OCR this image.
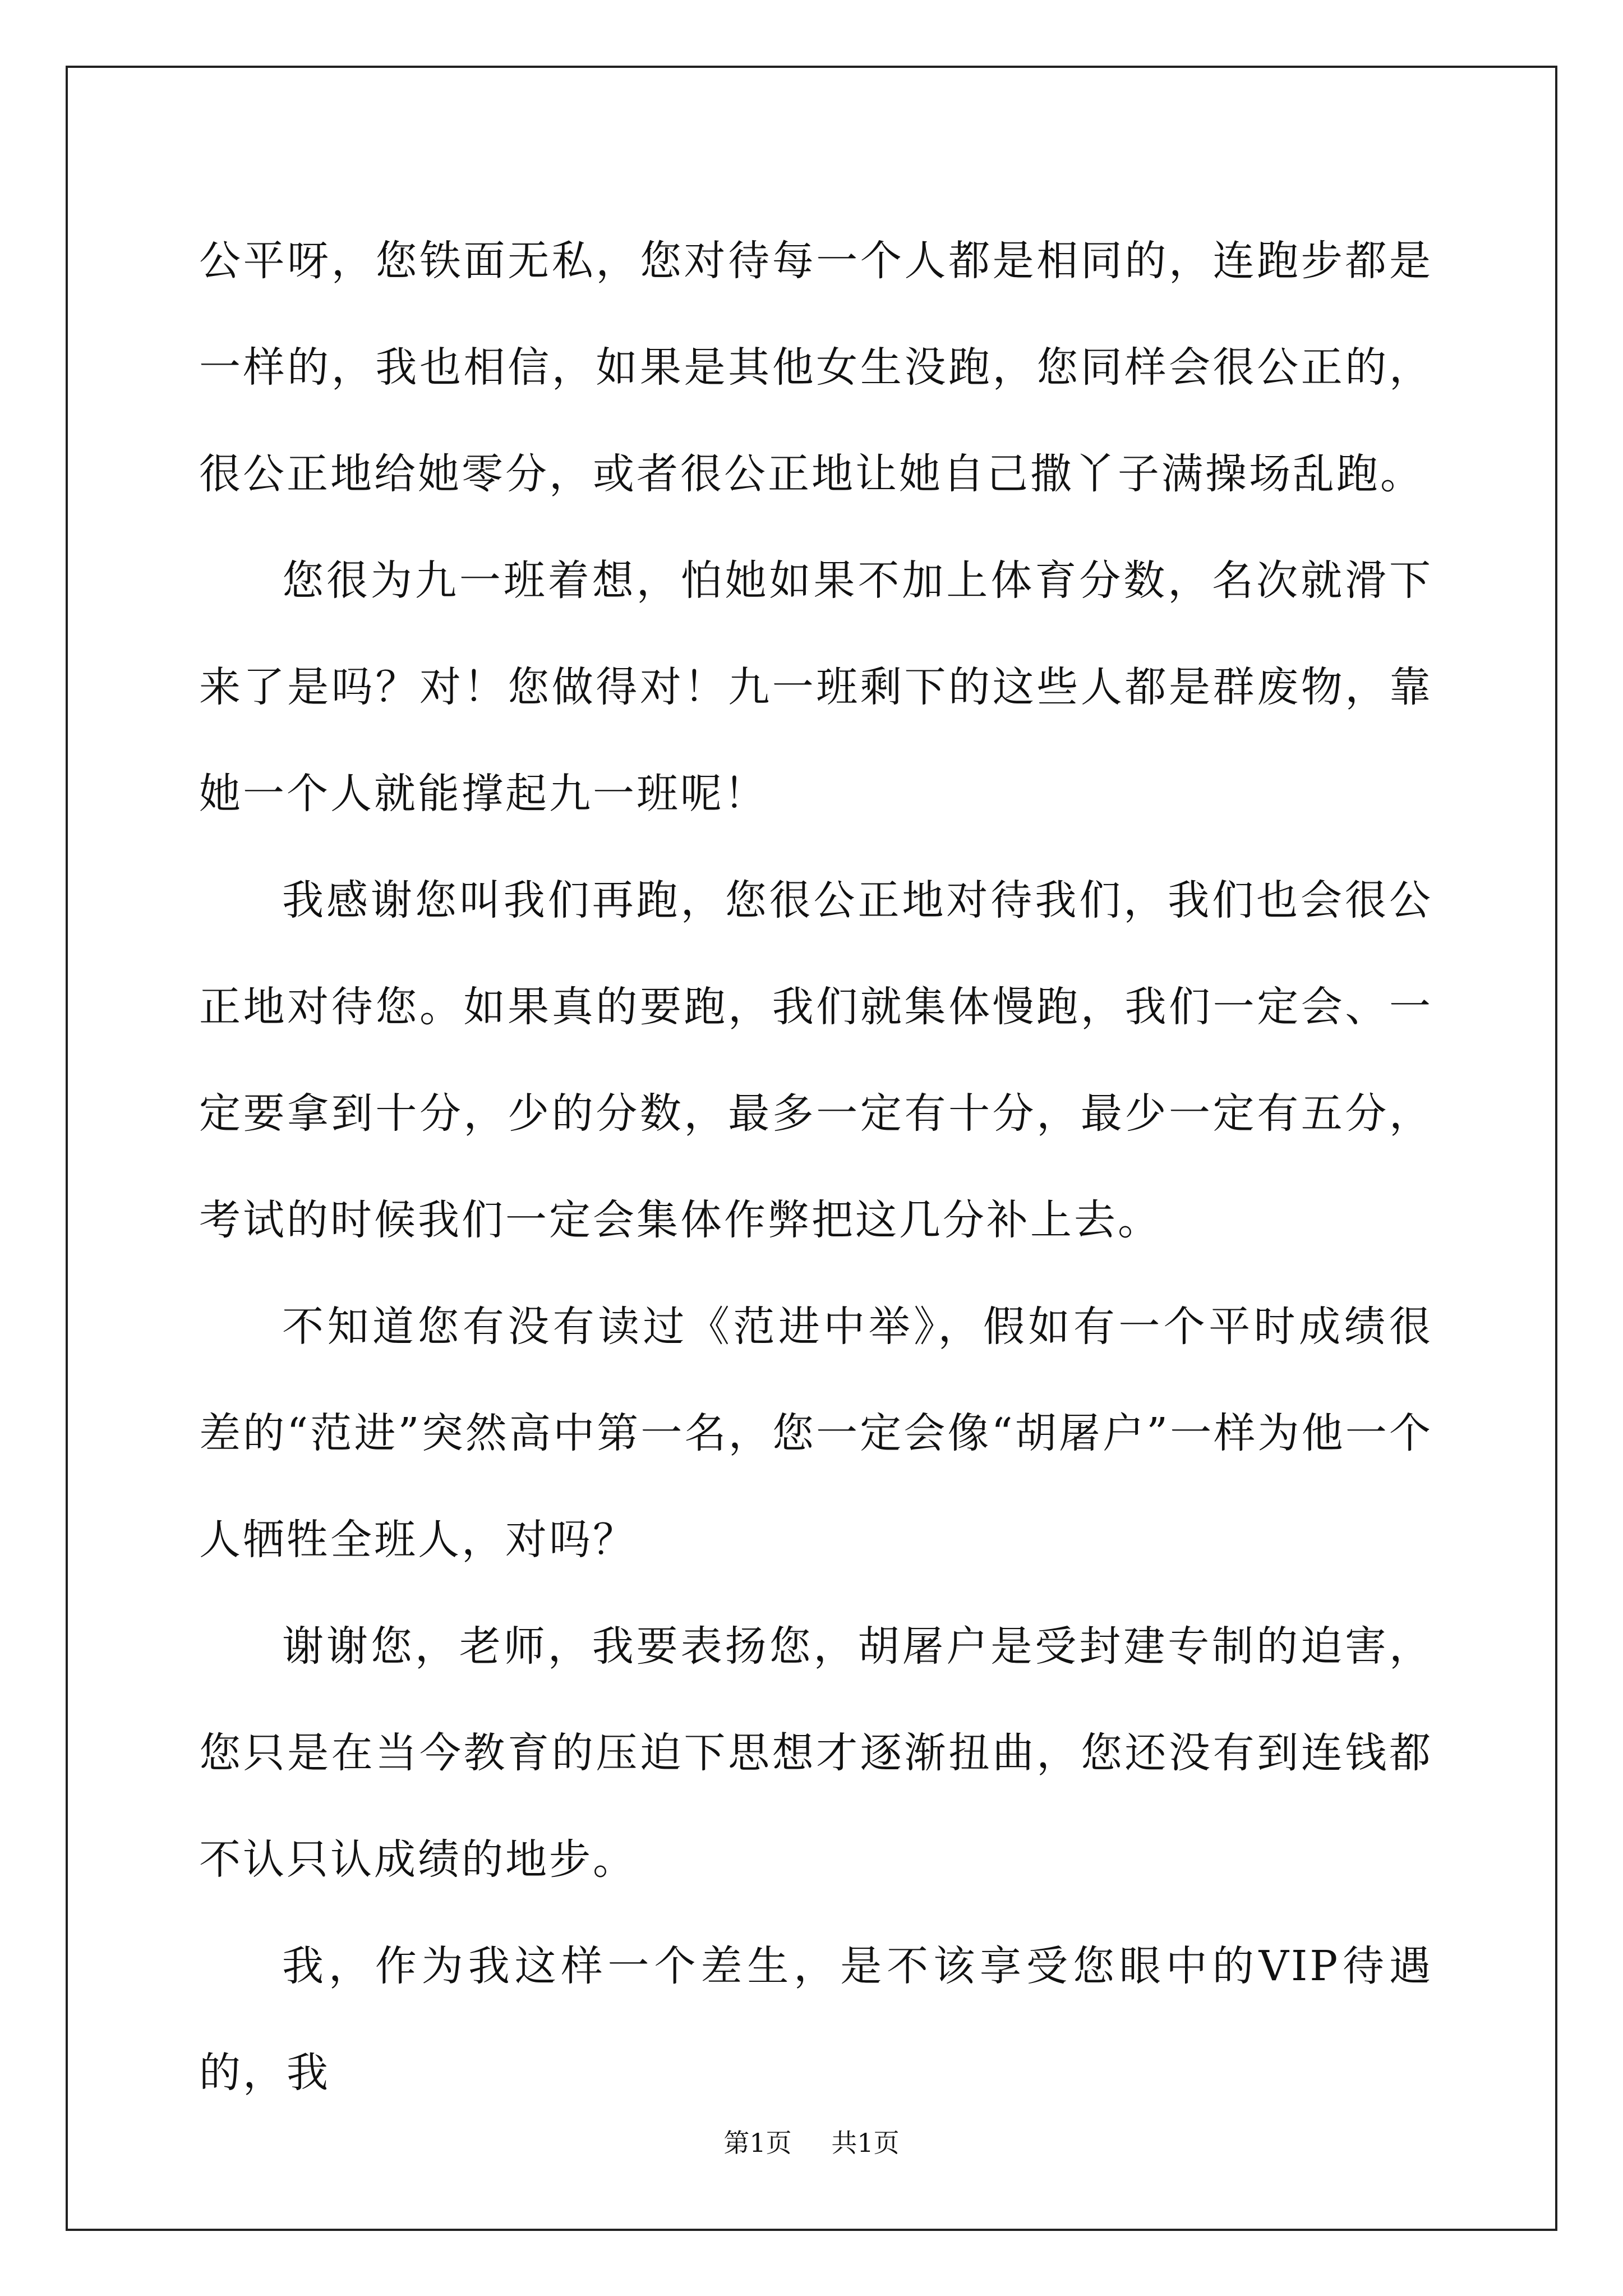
公平呀，您铁面无私，您对待每一个人都是相同的，连跑步都是一样的，我也相信，如果是其他女生没跑，您同样会很公正的，很公正地给她零分，或者很公正地让她自己撒丫子满操场乱跑。

您很为九一班着想，怕她如果不加上体育分数，名次就滑下来了是吗？对！您做得对！九一班剩下的这些人都是群废物，靠她一个人就能撑起九一班呢！

我感谢您叫我们再跑，您很公正地对待我们，我们也会很公正地对待您。如果真的要跑，我们就集体慢跑，我们一定会、一定要拿到十分，少的分数，最多一定有十分，最少一定有五分，考试的时候我们一定会集体作弊把这几分补上去。

不知道您有没有读过《范进中举》，假如有一个平时成绩很差的“范进”突然高中第一名，您一定会像“胡屠户”一样为他一个人牺牲全班人，对吗？

谢谢您，老师，我要表扬您，胡屠户是受封建专制的迫害，您只是在当今教育的压迫下思想才逐渐扭曲，您还没有到连钱都不认只认成绩的地步。

我，作为我这样一个差生，是不该享受您眼中的VIP待遇的，我

第1页 共1页
